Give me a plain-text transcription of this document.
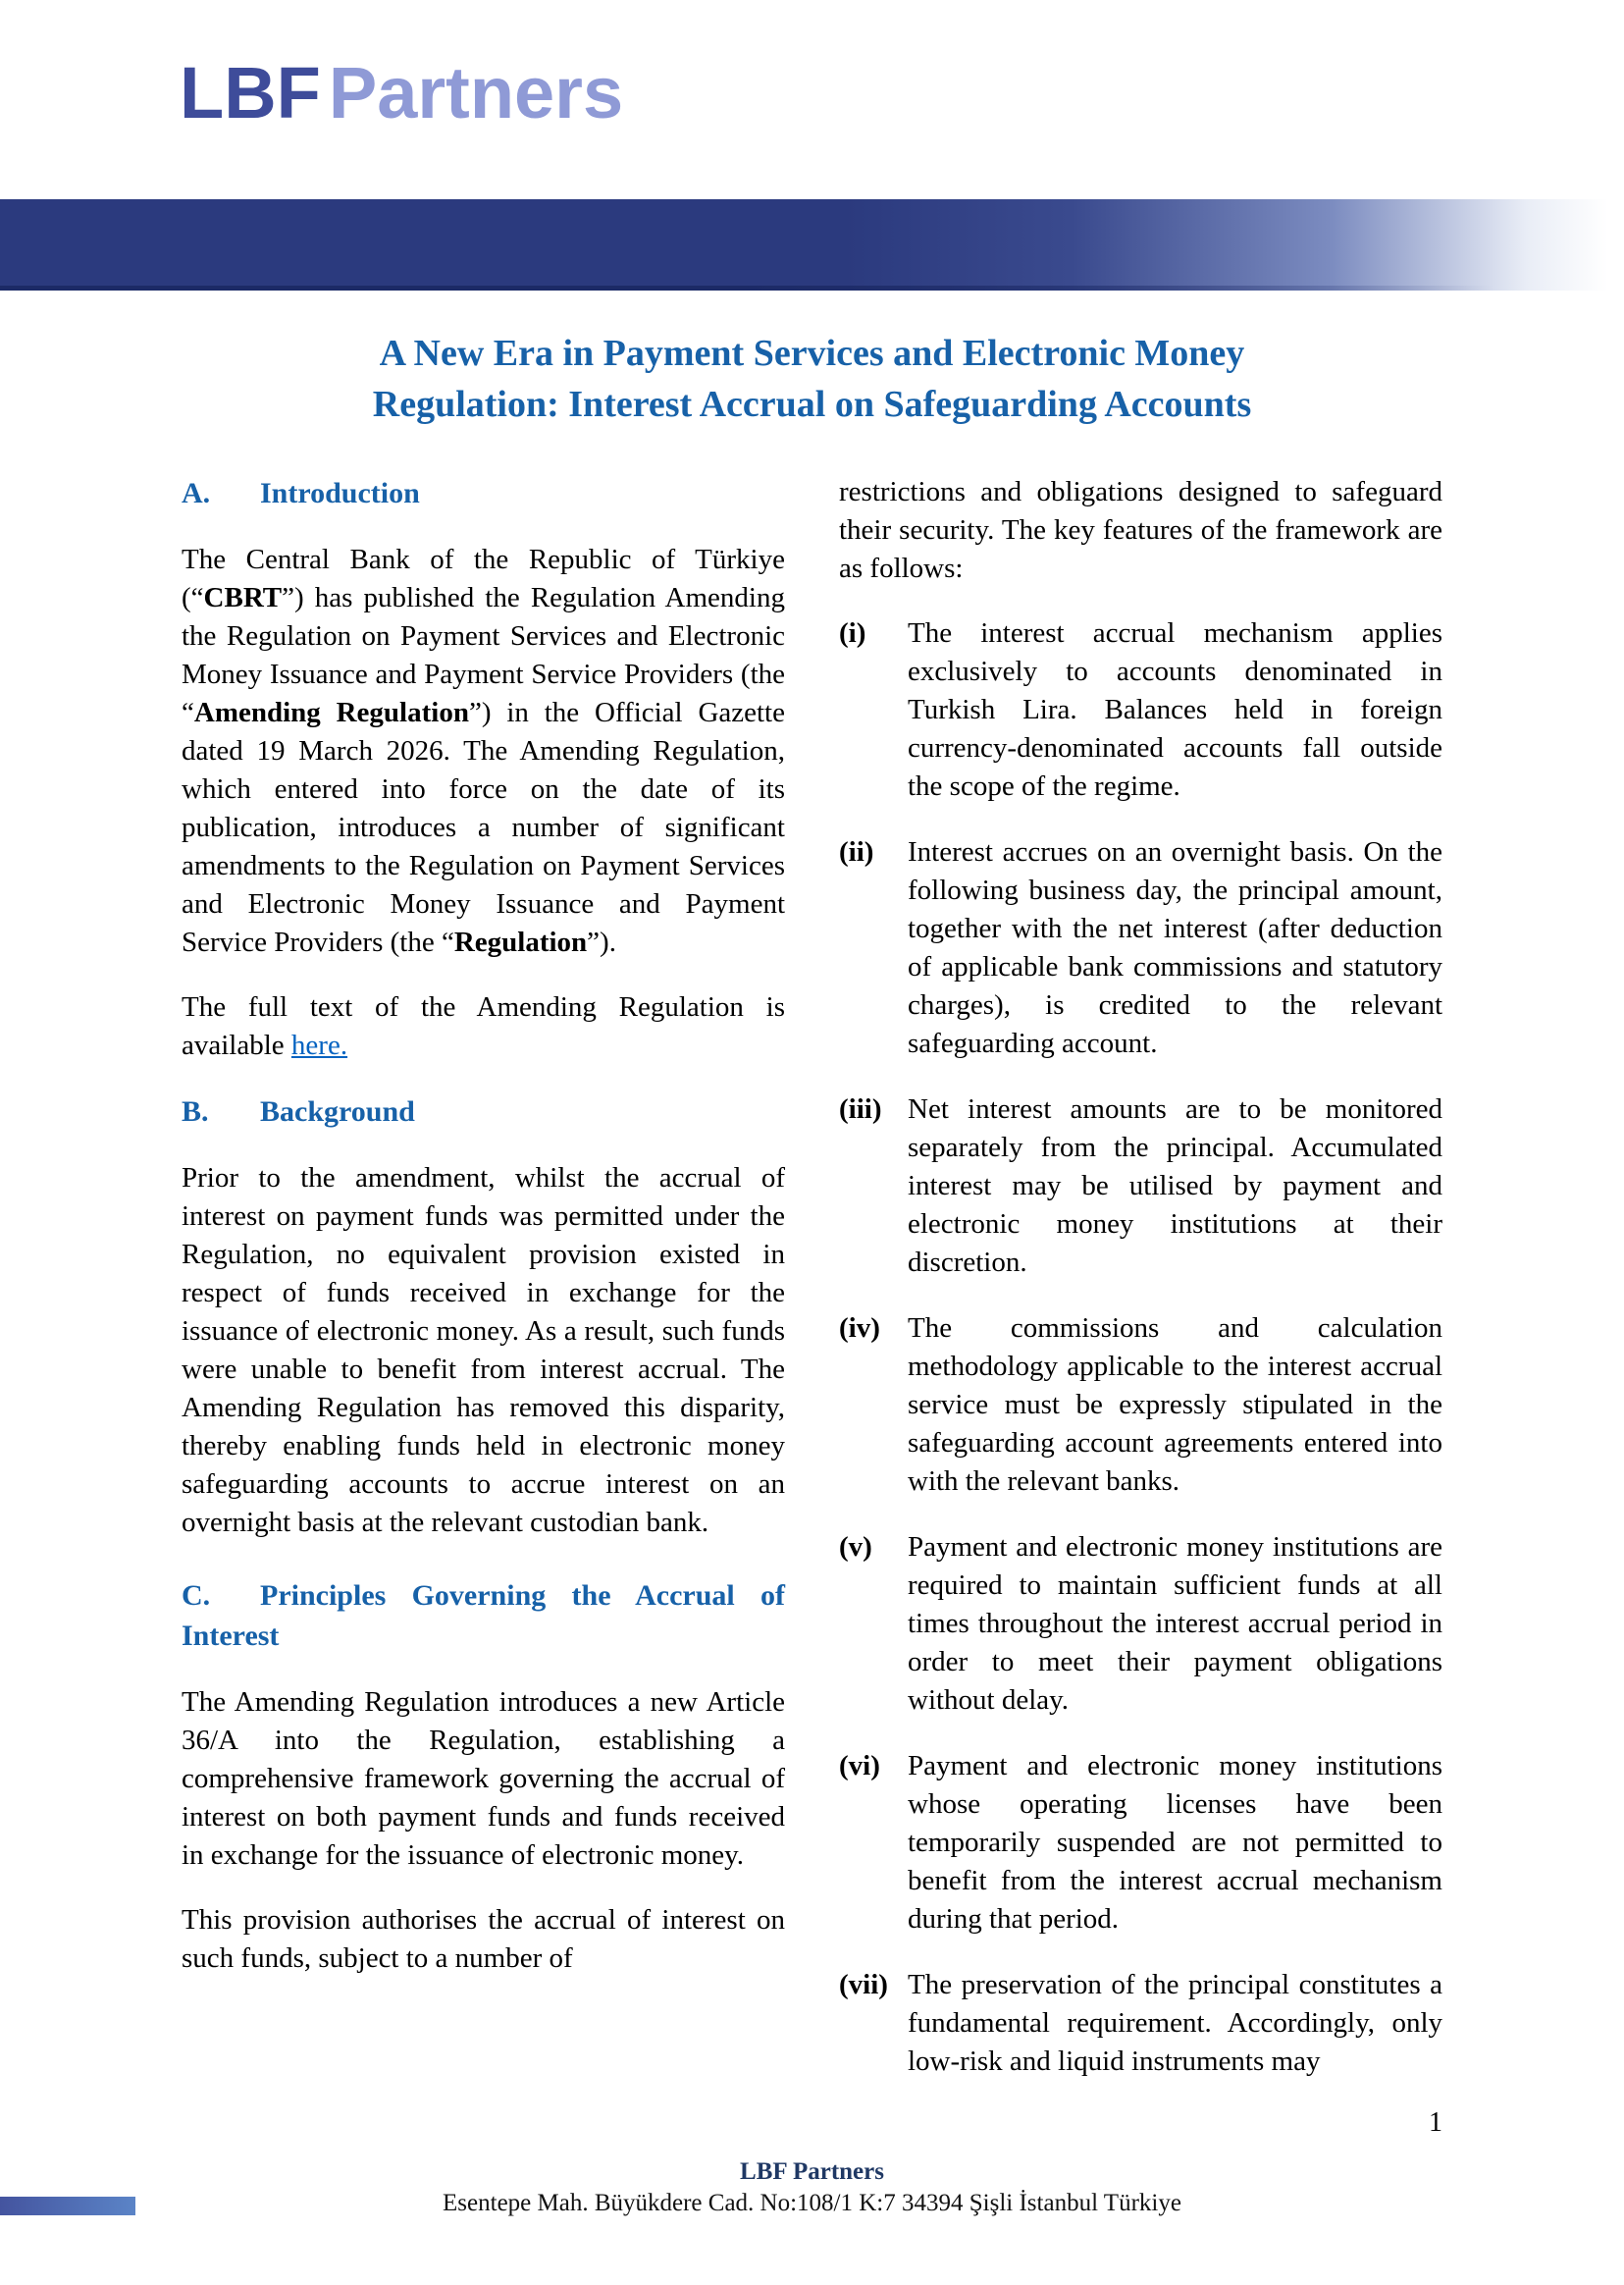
LBF Partners
A New Era in Payment Services and Electronic Money
Regulation: Interest Accrual on Safeguarding Accounts
A. Introduction

The Central Bank of the Republic of Türkiye (“CBRT”) has published the Regulation Amending the Regulation on Payment Services and Electronic Money Issuance and Payment Service Providers (the “Amending Regulation”) in the Official Gazette dated 19 March 2026. The Amending Regulation, which entered into force on the date of its publication, introduces a number of significant amendments to the Regulation on Payment Services and Electronic Money Issuance and Payment Service Providers (the “Regulation”).

The full text of the Amending Regulation is available here.

B. Background

Prior to the amendment, whilst the accrual of interest on payment funds was permitted under the Regulation, no equivalent provision existed in respect of funds received in exchange for the issuance of electronic money. As a result, such funds were unable to benefit from interest accrual. The Amending Regulation has removed this disparity, thereby enabling funds held in electronic money safeguarding accounts to accrue interest on an overnight basis at the relevant custodian bank.

C. Principles Governing the Accrual of Interest

The Amending Regulation introduces a new Article 36/A into the Regulation, establishing a comprehensive framework governing the accrual of interest on both payment funds and funds received in exchange for the issuance of electronic money.

This provision authorises the accrual of interest on such funds, subject to a number of

restrictions and obligations designed to safeguard their security. The key features of the framework are as follows:

(i)	The interest accrual mechanism applies exclusively to accounts denominated in Turkish Lira. Balances held in foreign currency-denominated accounts fall outside the scope of the regime.
(ii)	Interest accrues on an overnight basis. On the following business day, the principal amount, together with the net interest (after deduction of applicable bank commissions and statutory charges), is credited to the relevant safeguarding account.
(iii) Net interest amounts are to be monitored separately from the principal. Accumulated interest may be utilised by payment and electronic money institutions at their discretion.
(iv) The commissions and calculation methodology applicable to the interest accrual service must be expressly stipulated in the safeguarding account agreements entered into with the relevant banks.
(v)	Payment and electronic money institutions are required to maintain sufficient funds at all times throughout the interest accrual period in order to meet their payment obligations without delay.
(vi) Payment and electronic money institutions whose operating licenses have been temporarily suspended are not permitted to benefit from the interest accrual mechanism during that period.
(vii) The preservation of the principal constitutes a fundamental requirement. Accordingly, only low-risk and liquid instruments may
1
LBF Partners
Esentepe Mah. Büyükdere Cad. No:108/1 K:7 34394 Şişli İstanbul Türkiye
